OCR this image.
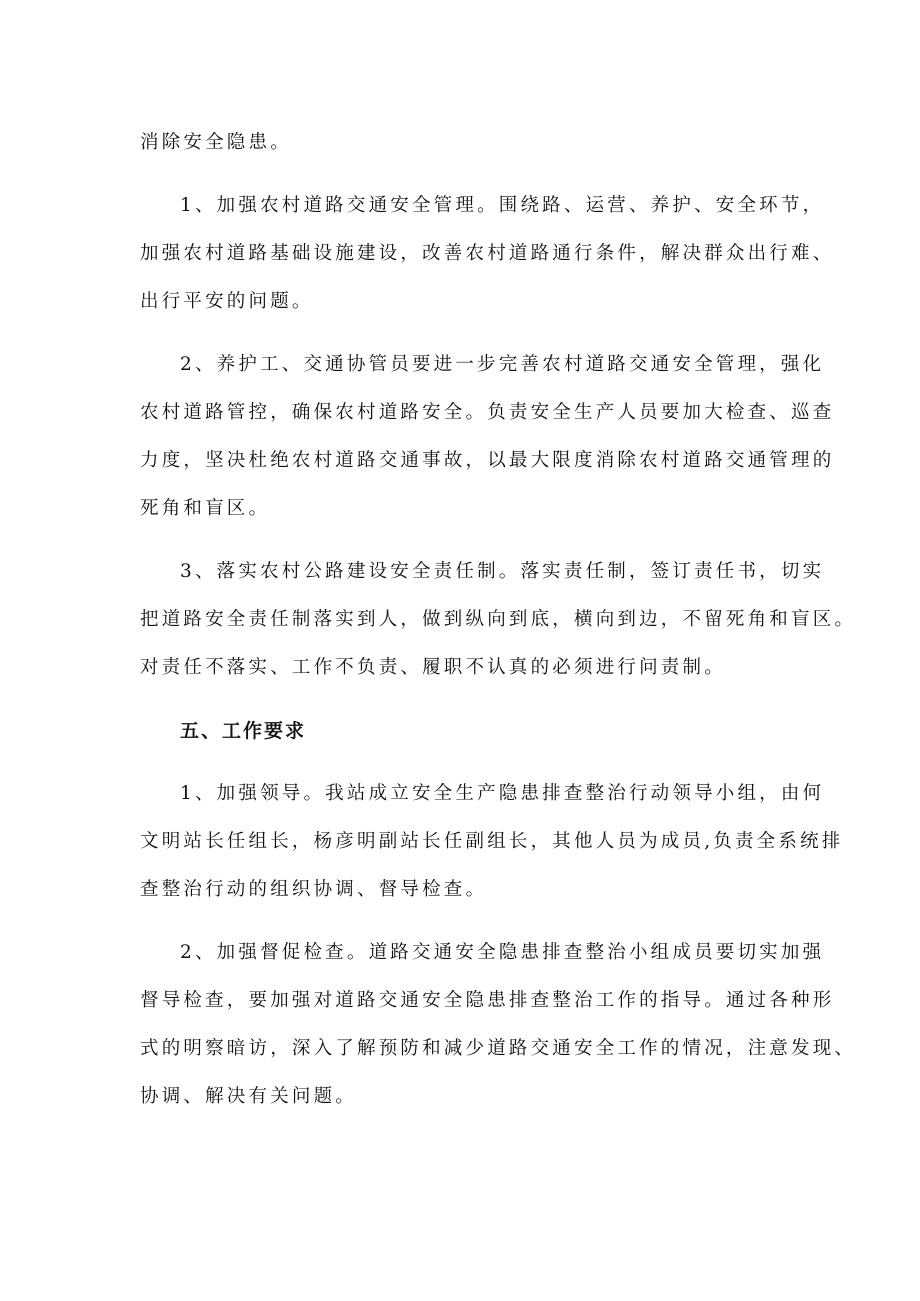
消除安全隐患。
1、加强农村道路交通安全管理。围绕路、运营、养护、安全环节，
加强农村道路基础设施建设，改善农村道路通行条件，解决群众出行难、
出行平安的问题。
2、养护工、交通协管员要进一步完善农村道路交通安全管理，强化
农村道路管控，确保农村道路安全。负责安全生产人员要加大检查、巡查
力度，坚决杜绝农村道路交通事故，以最大限度消除农村道路交通管理的
死角和盲区。
3、落实农村公路建设安全责任制。落实责任制，签订责任书，切实
把道路安全责任制落实到人，做到纵向到底，横向到边，不留死角和盲区。
对责任不落实、工作不负责、履职不认真的必须进行问责制。
五、工作要求
1、加强领导。我站成立安全生产隐患排查整治行动领导小组，由何
文明站长任组长，杨彦明副站长任副组长，其他人员为成员,负责全系统排
查整治行动的组织协调、督导检查。
2、加强督促检查。道路交通安全隐患排查整治小组成员要切实加强
督导检查，要加强对道路交通安全隐患排查整治工作的指导。通过各种形
式的明察暗访，深入了解预防和减少道路交通安全工作的情况，注意发现、
协调、解决有关问题。
